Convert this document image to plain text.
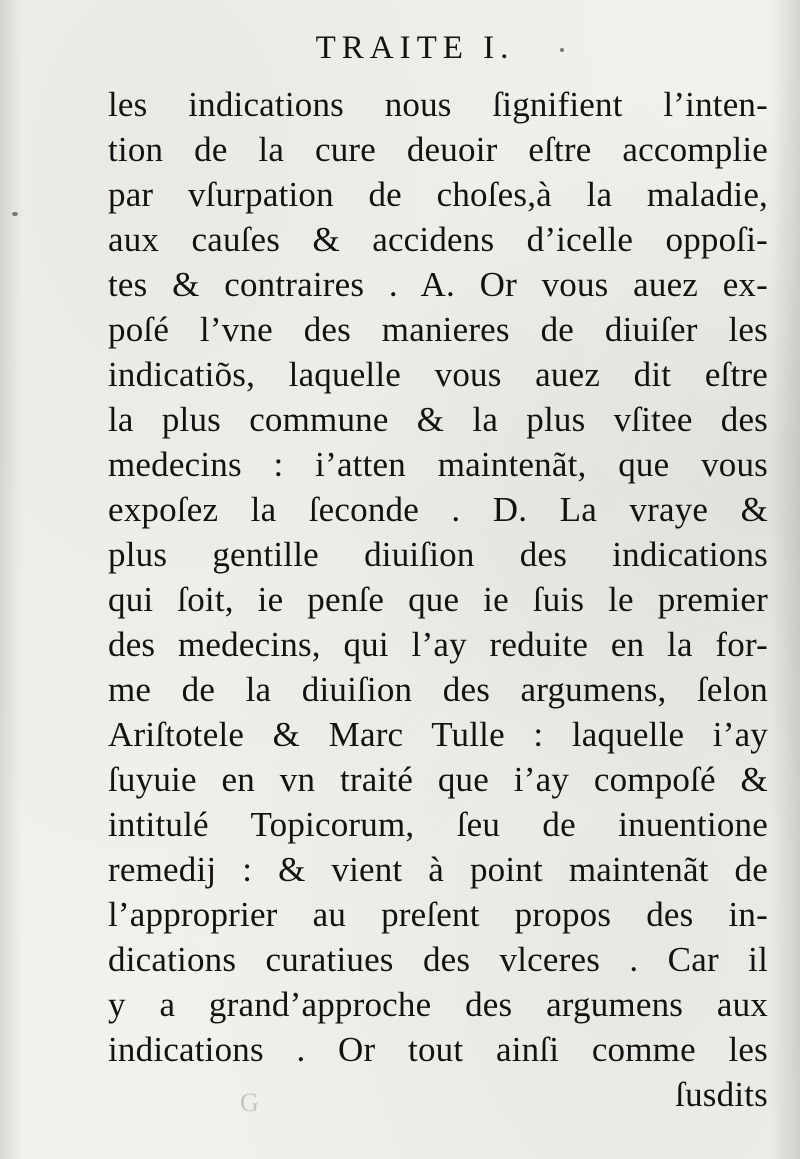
TRAITE I.
les indications nous ſignifient l’inten-
tion de la cure deuoir eſtre accomplie
par vſurpation de choſes,à la maladie,
aux cauſes & accidens d’icelle oppoſi-
tes & contraires . A. Or vous auez ex-
poſé l’vne des manieres de diuiſer les
indicatiõs, laquelle vous auez dit eſtre
la plus commune & la plus vſitee des
medecins : i’atten maintenãt, que vous
expoſez la ſeconde . D. La vraye &
plus gentille diuiſion des indications
qui ſoit, ie penſe que ie ſuis le premier
des medecins, qui l’ay reduite en la for-
me de la diuiſion des argumens, ſelon
Ariſtotele & Marc Tulle : laquelle i’ay
ſuyuie en vn traité que i’ay compoſé &
intitulé Topicorum, ſeu de inuentione
remedij : & vient à point maintenãt de
l’approprier au preſent propos des in-
dications curatiues des vlceres . Car il
y a grand’approche des argumens aux
indications . Or tout ainſi comme les
ſusdits
G
